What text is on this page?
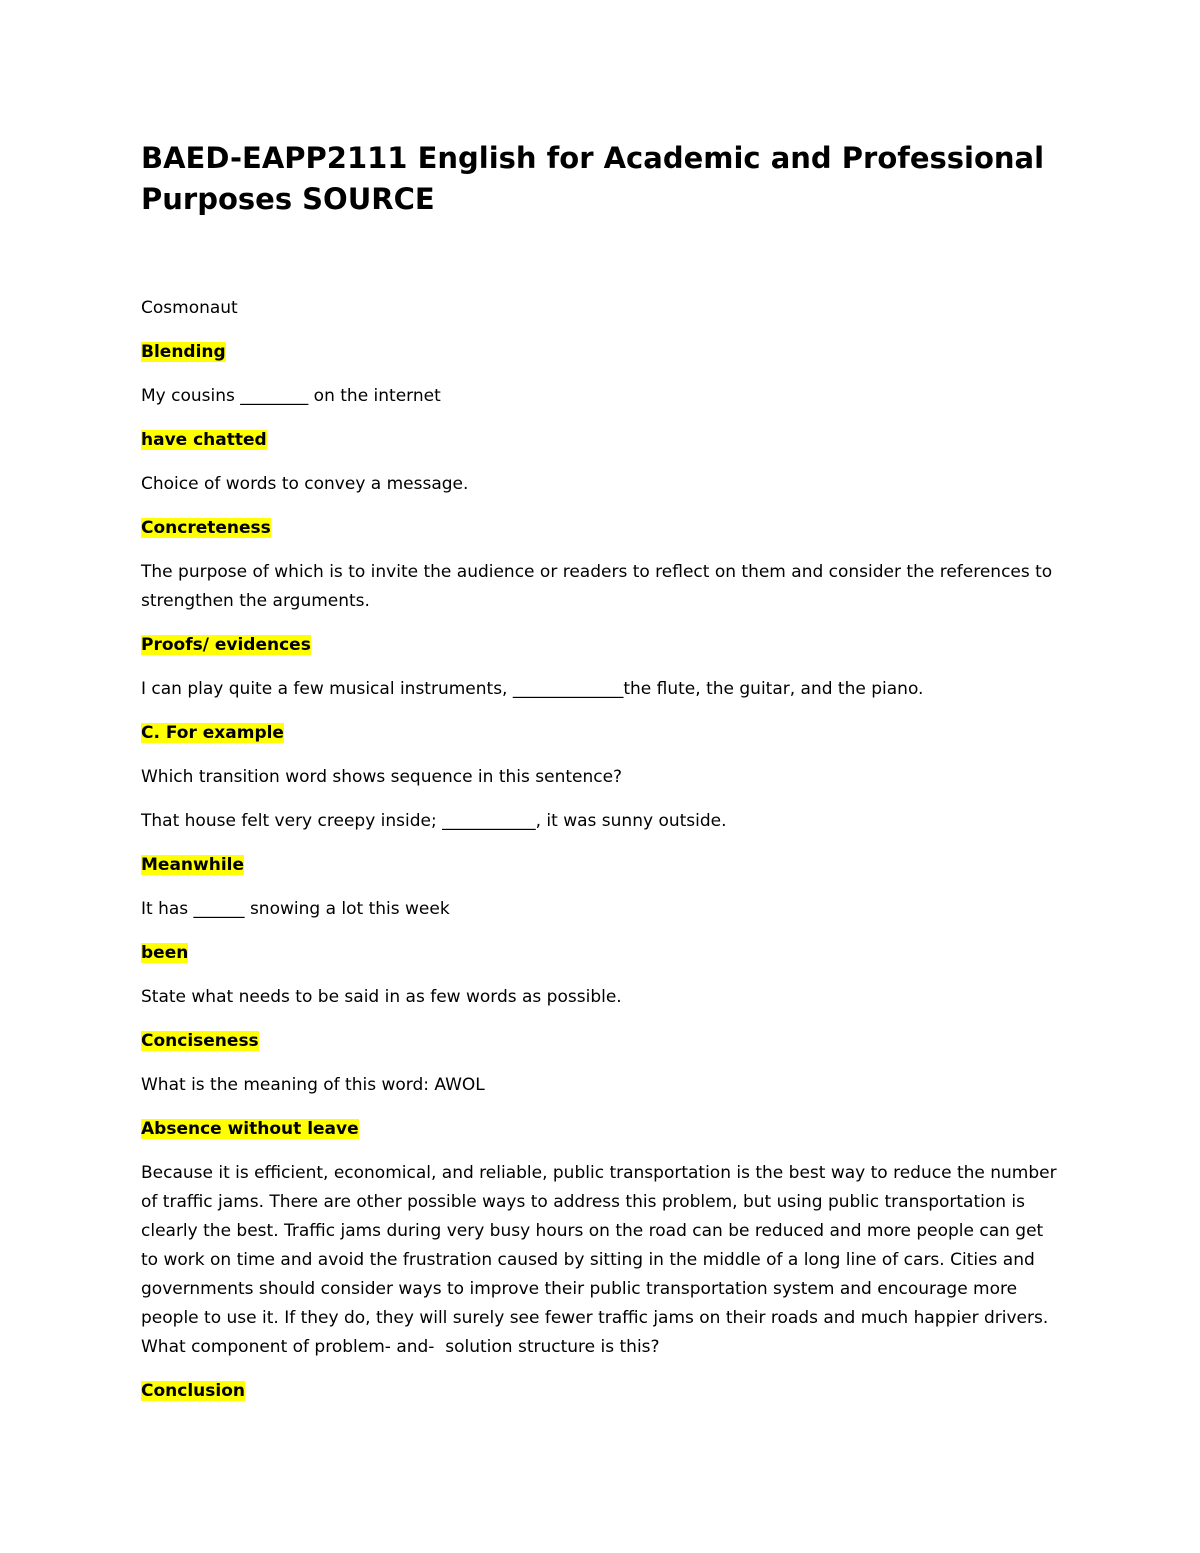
BAED-EAPP2111 English for Academic and Professional Purposes SOURCE

Cosmonaut

Blending

My cousins ________ on the internet

have chatted

Choice of words to convey a message.

Concreteness

The purpose of which is to invite the audience or readers to reflect on them and consider the references to strengthen the arguments.

Proofs/ evidences

I can play quite a few musical instruments, _____________the flute, the guitar, and the piano.

C. For example

Which transition word shows sequence in this sentence?

That house felt very creepy inside; ___________, it was sunny outside.

Meanwhile

It has ______ snowing a lot this week

been

State what needs to be said in as few words as possible.

Conciseness

What is the meaning of this word: AWOL

Absence without leave

Because it is efficient, economical, and reliable, public transportation is the best way to reduce the number of traffic jams. There are other possible ways to address this problem, but using public transportation is clearly the best. Traffic jams during very busy hours on the road can be reduced and more people can get to work on time and avoid the frustration caused by sitting in the middle of a long line of cars. Cities and governments should consider ways to improve their public transportation system and encourage more people to use it. If they do, they will surely see fewer traffic jams on their roads and much happier drivers. What component of problem- and-  solution structure is this?

Conclusion
